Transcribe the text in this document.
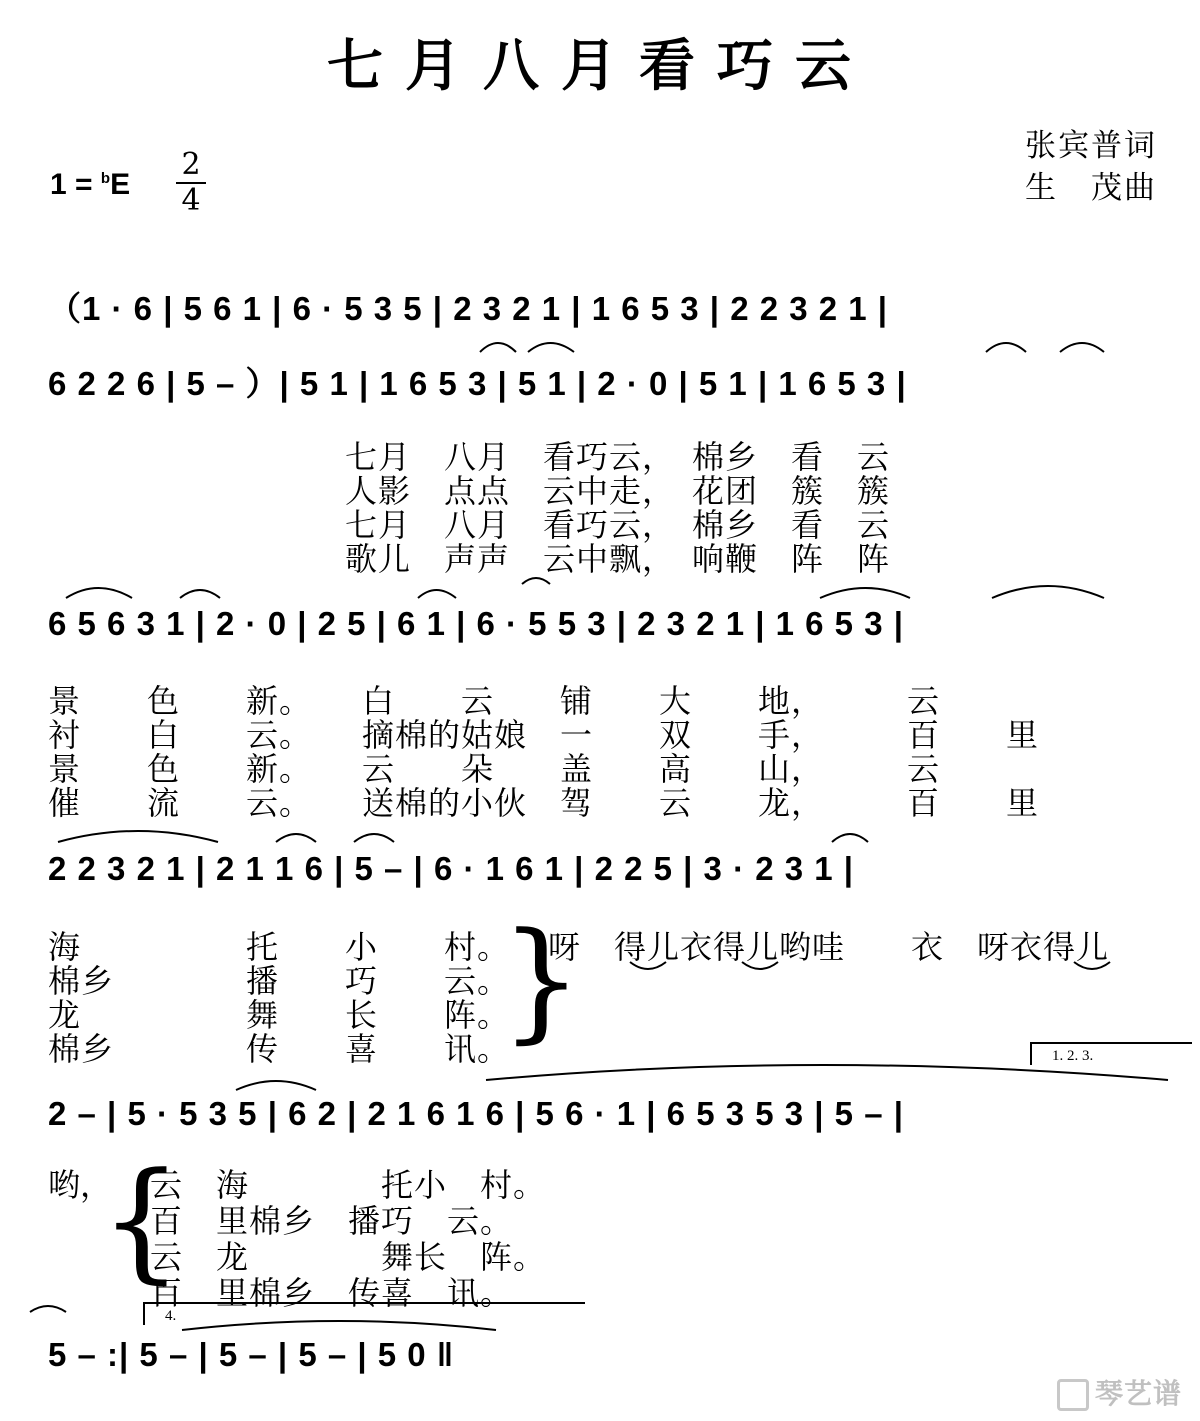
七月八月看巧云
张宾普词
生　茂曲
1 = $^b$E
2
4
（1 · 6 | 5 6 1 | 6 · 5 3 5 | 2 3 2 1 | 1 6 5 3 | 2 2 3 2 1 |
6 2 2 6 | 5 – ）| 5 1 | 1 6 5 3 | 5 1 | 2 · 0 | 5 1 | 1 6 5 3 |
七月　八月　看巧云，　棉乡　看　云
人影　点点　云中走，　花团　簇　簇
七月　八月　看巧云，　棉乡　看　云
歌儿　声声　云中飘，　响鞭　阵　阵
6 5 6 3 1 | 2 · 0 | 2 5 | 6 1 | 6 · 5 5 3 | 2 3 2 1 | 1 6 5 3 |
景　　色　　新。　　白　　云　　铺　　大　　地，　　　云
衬　　白　　云。　　摘棉的姑娘　一　　双　　手，　　　百　　里
景　　色　　新。　　云　　朵　　盖　　高　　山，　　　云
催　　流　　云。　　送棉的小伙　驾　　云　　龙，　　　百　　里
2 2 3 2 1 | 2 1 1 6 | 5 – | 6 · 1 6 1 | 2 2 5 | 3 · 2 3 1 |
海　　　　　托　　小　　村。
棉乡　　　　播　　巧　　云。
龙　　　　　舞　　长　　阵。
棉乡　　　　传　　喜　　讯。
}
呀　得儿衣得儿哟哇　　衣　呀衣得儿
1. 2. 3.
2 – | 5 · 5 3 5 | 6 2 | 2 1 6 1 6 | 5 6 · 1 | 6 5 3 5 3 | 5 – |
哟，
{
云　海　　　　托小　村。
百　里棉乡　播巧　云。
云　龙　　　　舞长　阵。
百　里棉乡　传喜　讯。
4.
5 – :| 5 – | 5 – | 5 – | 5 0 ‖
琴艺谱
